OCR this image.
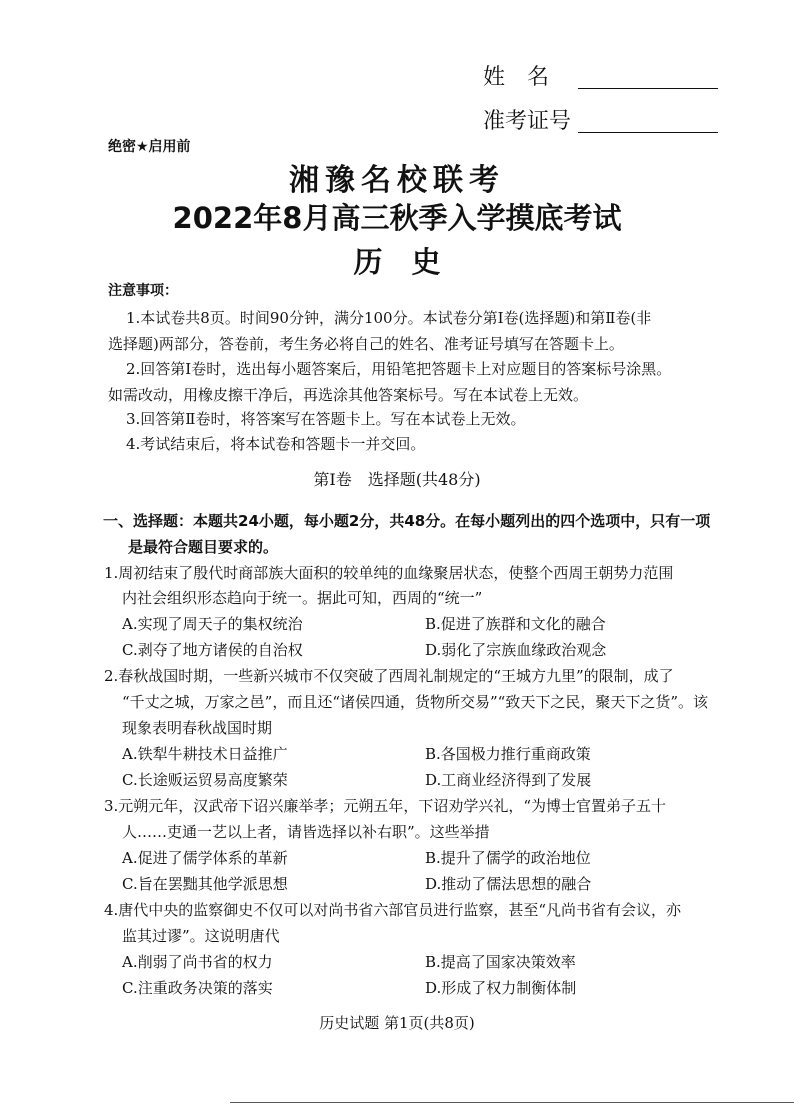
姓　名
准考证号
绝密★启用前
湘豫名校联考
2022年8月高三秋季入学摸底考试
历　史
注意事项：
1.本试卷共8页。时间90分钟，满分100分。本试卷分第Ⅰ卷(选择题)和第Ⅱ卷(非
选择题)两部分，答卷前，考生务必将自己的姓名、准考证号填写在答题卡上。
2.回答第Ⅰ卷时，选出每小题答案后，用铅笔把答题卡上对应题目的答案标号涂黑。
如需改动，用橡皮擦干净后，再选涂其他答案标号。写在本试卷上无效。
3.回答第Ⅱ卷时，将答案写在答题卡上。写在本试卷上无效。
4.考试结束后，将本试卷和答题卡一并交回。
第Ⅰ卷　选择题(共48分)
一、选择题：本题共24小题，每小题2分，共48分。在每小题列出的四个选项中，只有一项
是最符合题目要求的。
1.周初结束了殷代时商部族大面积的较单纯的血缘聚居状态，使整个西周王朝势力范围
内社会组织形态趋向于统一。据此可知，西周的“统一”
A.实现了周天子的集权统治	B.促进了族群和文化的融合
C.剥夺了地方诸侯的自治权	D.弱化了宗族血缘政治观念
2.春秋战国时期，一些新兴城市不仅突破了西周礼制规定的“王城方九里”的限制，成了
“千丈之城，万家之邑”，而且还“诸侯四通，货物所交易”“致天下之民，聚天下之货”。该
现象表明春秋战国时期
A.铁犁牛耕技术日益推广	B.各国极力推行重商政策
C.长途贩运贸易高度繁荣	D.工商业经济得到了发展
3.元朔元年，汉武帝下诏兴廉举孝；元朔五年，下诏劝学兴礼，“为博士官置弟子五十
人……吏通一艺以上者，请皆选择以补右职”。这些举措
A.促进了儒学体系的革新	B.提升了儒学的政治地位
C.旨在罢黜其他学派思想	D.推动了儒法思想的融合
4.唐代中央的监察御史不仅可以对尚书省六部官员进行监察，甚至“凡尚书省有会议，亦
监其过谬”。这说明唐代
A.削弱了尚书省的权力	B.提高了国家决策效率
C.注重政务决策的落实	D.形成了权力制衡体制
历史试题 第1页(共8页)
